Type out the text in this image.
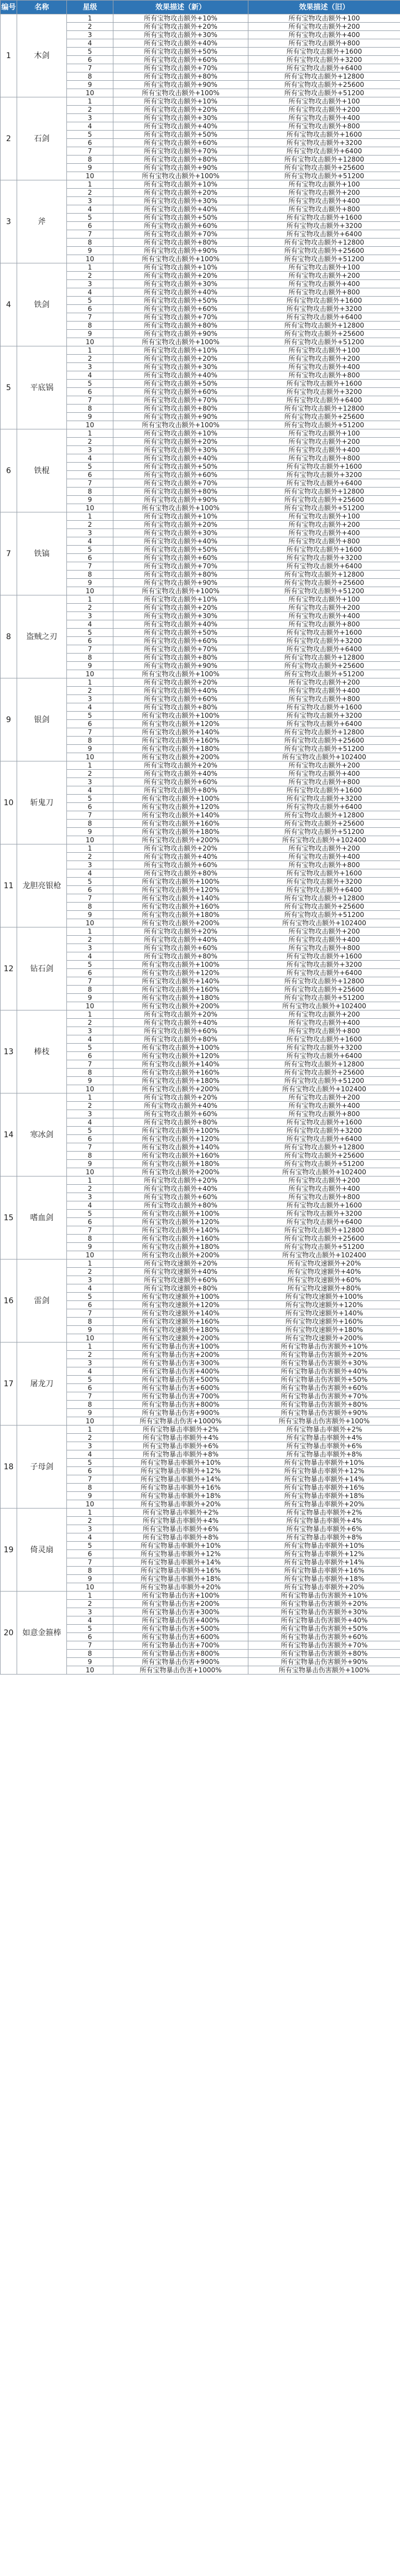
编号	名称	星级	效果描述（新）	效果描述（旧）
1	木剑	1	所有宝物攻击额外+10%	所有宝物攻击额外+100
		2	所有宝物攻击额外+20%	所有宝物攻击额外+200
		3	所有宝物攻击额外+30%	所有宝物攻击额外+400
		4	所有宝物攻击额外+40%	所有宝物攻击额外+800
		5	所有宝物攻击额外+50%	所有宝物攻击额外+1600
		6	所有宝物攻击额外+60%	所有宝物攻击额外+3200
		7	所有宝物攻击额外+70%	所有宝物攻击额外+6400
		8	所有宝物攻击额外+80%	所有宝物攻击额外+12800
		9	所有宝物攻击额外+90%	所有宝物攻击额外+25600
		10	所有宝物攻击额外+100%	所有宝物攻击额外+51200
2	石剑	1	所有宝物攻击额外+10%	所有宝物攻击额外+100
		2	所有宝物攻击额外+20%	所有宝物攻击额外+200
		3	所有宝物攻击额外+30%	所有宝物攻击额外+400
		4	所有宝物攻击额外+40%	所有宝物攻击额外+800
		5	所有宝物攻击额外+50%	所有宝物攻击额外+1600
		6	所有宝物攻击额外+60%	所有宝物攻击额外+3200
		7	所有宝物攻击额外+70%	所有宝物攻击额外+6400
		8	所有宝物攻击额外+80%	所有宝物攻击额外+12800
		9	所有宝物攻击额外+90%	所有宝物攻击额外+25600
		10	所有宝物攻击额外+100%	所有宝物攻击额外+51200
3	斧	1	所有宝物攻击额外+10%	所有宝物攻击额外+100
		2	所有宝物攻击额外+20%	所有宝物攻击额外+200
		3	所有宝物攻击额外+30%	所有宝物攻击额外+400
		4	所有宝物攻击额外+40%	所有宝物攻击额外+800
		5	所有宝物攻击额外+50%	所有宝物攻击额外+1600
		6	所有宝物攻击额外+60%	所有宝物攻击额外+3200
		7	所有宝物攻击额外+70%	所有宝物攻击额外+6400
		8	所有宝物攻击额外+80%	所有宝物攻击额外+12800
		9	所有宝物攻击额外+90%	所有宝物攻击额外+25600
		10	所有宝物攻击额外+100%	所有宝物攻击额外+51200
4	铁剑	1	所有宝物攻击额外+10%	所有宝物攻击额外+100
		2	所有宝物攻击额外+20%	所有宝物攻击额外+200
		3	所有宝物攻击额外+30%	所有宝物攻击额外+400
		4	所有宝物攻击额外+40%	所有宝物攻击额外+800
		5	所有宝物攻击额外+50%	所有宝物攻击额外+1600
		6	所有宝物攻击额外+60%	所有宝物攻击额外+3200
		7	所有宝物攻击额外+70%	所有宝物攻击额外+6400
		8	所有宝物攻击额外+80%	所有宝物攻击额外+12800
		9	所有宝物攻击额外+90%	所有宝物攻击额外+25600
		10	所有宝物攻击额外+100%	所有宝物攻击额外+51200
5	平底锅	1	所有宝物攻击额外+10%	所有宝物攻击额外+100
		2	所有宝物攻击额外+20%	所有宝物攻击额外+200
		3	所有宝物攻击额外+30%	所有宝物攻击额外+400
		4	所有宝物攻击额外+40%	所有宝物攻击额外+800
		5	所有宝物攻击额外+50%	所有宝物攻击额外+1600
		6	所有宝物攻击额外+60%	所有宝物攻击额外+3200
		7	所有宝物攻击额外+70%	所有宝物攻击额外+6400
		8	所有宝物攻击额外+80%	所有宝物攻击额外+12800
		9	所有宝物攻击额外+90%	所有宝物攻击额外+25600
		10	所有宝物攻击额外+100%	所有宝物攻击额外+51200
6	铁棍	1	所有宝物攻击额外+10%	所有宝物攻击额外+100
		2	所有宝物攻击额外+20%	所有宝物攻击额外+200
		3	所有宝物攻击额外+30%	所有宝物攻击额外+400
		4	所有宝物攻击额外+40%	所有宝物攻击额外+800
		5	所有宝物攻击额外+50%	所有宝物攻击额外+1600
		6	所有宝物攻击额外+60%	所有宝物攻击额外+3200
		7	所有宝物攻击额外+70%	所有宝物攻击额外+6400
		8	所有宝物攻击额外+80%	所有宝物攻击额外+12800
		9	所有宝物攻击额外+90%	所有宝物攻击额外+25600
		10	所有宝物攻击额外+100%	所有宝物攻击额外+51200
7	铁镐	1	所有宝物攻击额外+10%	所有宝物攻击额外+100
		2	所有宝物攻击额外+20%	所有宝物攻击额外+200
		3	所有宝物攻击额外+30%	所有宝物攻击额外+400
		4	所有宝物攻击额外+40%	所有宝物攻击额外+800
		5	所有宝物攻击额外+50%	所有宝物攻击额外+1600
		6	所有宝物攻击额外+60%	所有宝物攻击额外+3200
		7	所有宝物攻击额外+70%	所有宝物攻击额外+6400
		8	所有宝物攻击额外+80%	所有宝物攻击额外+12800
		9	所有宝物攻击额外+90%	所有宝物攻击额外+25600
		10	所有宝物攻击额外+100%	所有宝物攻击额外+51200
8	盗贼之刃	1	所有宝物攻击额外+10%	所有宝物攻击额外+100
		2	所有宝物攻击额外+20%	所有宝物攻击额外+200
		3	所有宝物攻击额外+30%	所有宝物攻击额外+400
		4	所有宝物攻击额外+40%	所有宝物攻击额外+800
		5	所有宝物攻击额外+50%	所有宝物攻击额外+1600
		6	所有宝物攻击额外+60%	所有宝物攻击额外+3200
		7	所有宝物攻击额外+70%	所有宝物攻击额外+6400
		8	所有宝物攻击额外+80%	所有宝物攻击额外+12800
		9	所有宝物攻击额外+90%	所有宝物攻击额外+25600
		10	所有宝物攻击额外+100%	所有宝物攻击额外+51200
9	银剑	1	所有宝物攻击额外+20%	所有宝物攻击额外+200
		2	所有宝物攻击额外+40%	所有宝物攻击额外+400
		3	所有宝物攻击额外+60%	所有宝物攻击额外+800
		4	所有宝物攻击额外+80%	所有宝物攻击额外+1600
		5	所有宝物攻击额外+100%	所有宝物攻击额外+3200
		6	所有宝物攻击额外+120%	所有宝物攻击额外+6400
		7	所有宝物攻击额外+140%	所有宝物攻击额外+12800
		8	所有宝物攻击额外+160%	所有宝物攻击额外+25600
		9	所有宝物攻击额外+180%	所有宝物攻击额外+51200
		10	所有宝物攻击额外+200%	所有宝物攻击额外+102400
10	斩鬼刀	1	所有宝物攻击额外+20%	所有宝物攻击额外+200
		2	所有宝物攻击额外+40%	所有宝物攻击额外+400
		3	所有宝物攻击额外+60%	所有宝物攻击额外+800
		4	所有宝物攻击额外+80%	所有宝物攻击额外+1600
		5	所有宝物攻击额外+100%	所有宝物攻击额外+3200
		6	所有宝物攻击额外+120%	所有宝物攻击额外+6400
		7	所有宝物攻击额外+140%	所有宝物攻击额外+12800
		8	所有宝物攻击额外+160%	所有宝物攻击额外+25600
		9	所有宝物攻击额外+180%	所有宝物攻击额外+51200
		10	所有宝物攻击额外+200%	所有宝物攻击额外+102400
11	龙胆亮银枪	1	所有宝物攻击额外+20%	所有宝物攻击额外+200
		2	所有宝物攻击额外+40%	所有宝物攻击额外+400
		3	所有宝物攻击额外+60%	所有宝物攻击额外+800
		4	所有宝物攻击额外+80%	所有宝物攻击额外+1600
		5	所有宝物攻击额外+100%	所有宝物攻击额外+3200
		6	所有宝物攻击额外+120%	所有宝物攻击额外+6400
		7	所有宝物攻击额外+140%	所有宝物攻击额外+12800
		8	所有宝物攻击额外+160%	所有宝物攻击额外+25600
		9	所有宝物攻击额外+180%	所有宝物攻击额外+51200
		10	所有宝物攻击额外+200%	所有宝物攻击额外+102400
12	钻石剑	1	所有宝物攻击额外+20%	所有宝物攻击额外+200
		2	所有宝物攻击额外+40%	所有宝物攻击额外+400
		3	所有宝物攻击额外+60%	所有宝物攻击额外+800
		4	所有宝物攻击额外+80%	所有宝物攻击额外+1600
		5	所有宝物攻击额外+100%	所有宝物攻击额外+3200
		6	所有宝物攻击额外+120%	所有宝物攻击额外+6400
		7	所有宝物攻击额外+140%	所有宝物攻击额外+12800
		8	所有宝物攻击额外+160%	所有宝物攻击额外+25600
		9	所有宝物攻击额外+180%	所有宝物攻击额外+51200
		10	所有宝物攻击额外+200%	所有宝物攻击额外+102400
13	棒枝	1	所有宝物攻击额外+20%	所有宝物攻击额外+200
		2	所有宝物攻击额外+40%	所有宝物攻击额外+400
		3	所有宝物攻击额外+60%	所有宝物攻击额外+800
		4	所有宝物攻击额外+80%	所有宝物攻击额外+1600
		5	所有宝物攻击额外+100%	所有宝物攻击额外+3200
		6	所有宝物攻击额外+120%	所有宝物攻击额外+6400
		7	所有宝物攻击额外+140%	所有宝物攻击额外+12800
		8	所有宝物攻击额外+160%	所有宝物攻击额外+25600
		9	所有宝物攻击额外+180%	所有宝物攻击额外+51200
		10	所有宝物攻击额外+200%	所有宝物攻击额外+102400
14	寒冰剑	1	所有宝物攻击额外+20%	所有宝物攻击额外+200
		2	所有宝物攻击额外+40%	所有宝物攻击额外+400
		3	所有宝物攻击额外+60%	所有宝物攻击额外+800
		4	所有宝物攻击额外+80%	所有宝物攻击额外+1600
		5	所有宝物攻击额外+100%	所有宝物攻击额外+3200
		6	所有宝物攻击额外+120%	所有宝物攻击额外+6400
		7	所有宝物攻击额外+140%	所有宝物攻击额外+12800
		8	所有宝物攻击额外+160%	所有宝物攻击额外+25600
		9	所有宝物攻击额外+180%	所有宝物攻击额外+51200
		10	所有宝物攻击额外+200%	所有宝物攻击额外+102400
15	嗜血剑	1	所有宝物攻击额外+20%	所有宝物攻击额外+200
		2	所有宝物攻击额外+40%	所有宝物攻击额外+400
		3	所有宝物攻击额外+60%	所有宝物攻击额外+800
		4	所有宝物攻击额外+80%	所有宝物攻击额外+1600
		5	所有宝物攻击额外+100%	所有宝物攻击额外+3200
		6	所有宝物攻击额外+120%	所有宝物攻击额外+6400
		7	所有宝物攻击额外+140%	所有宝物攻击额外+12800
		8	所有宝物攻击额外+160%	所有宝物攻击额外+25600
		9	所有宝物攻击额外+180%	所有宝物攻击额外+51200
		10	所有宝物攻击额外+200%	所有宝物攻击额外+102400
16	雷剑	1	所有宝物攻速额外+20%	所有宝物攻速额外+20%
		2	所有宝物攻速额外+40%	所有宝物攻速额外+40%
		3	所有宝物攻速额外+60%	所有宝物攻速额外+60%
		4	所有宝物攻速额外+80%	所有宝物攻速额外+80%
		5	所有宝物攻速额外+100%	所有宝物攻速额外+100%
		6	所有宝物攻速额外+120%	所有宝物攻速额外+120%
		7	所有宝物攻速额外+140%	所有宝物攻速额外+140%
		8	所有宝物攻速额外+160%	所有宝物攻速额外+160%
		9	所有宝物攻速额外+180%	所有宝物攻速额外+180%
		10	所有宝物攻速额外+200%	所有宝物攻速额外+200%
17	屠龙刀	1	所有宝物暴击伤害+100%	所有宝物暴击伤害额外+10%
		2	所有宝物暴击伤害+200%	所有宝物暴击伤害额外+20%
		3	所有宝物暴击伤害+300%	所有宝物暴击伤害额外+30%
		4	所有宝物暴击伤害+400%	所有宝物暴击伤害额外+40%
		5	所有宝物暴击伤害+500%	所有宝物暴击伤害额外+50%
		6	所有宝物暴击伤害+600%	所有宝物暴击伤害额外+60%
		7	所有宝物暴击伤害+700%	所有宝物暴击伤害额外+70%
		8	所有宝物暴击伤害+800%	所有宝物暴击伤害额外+80%
		9	所有宝物暴击伤害+900%	所有宝物暴击伤害额外+90%
		10	所有宝物暴击伤害+1000%	所有宝物暴击伤害额外+100%
18	子母剑	1	所有宝物暴击率额外+2%	所有宝物暴击率额外+2%
		2	所有宝物暴击率额外+4%	所有宝物暴击率额外+4%
		3	所有宝物暴击率额外+6%	所有宝物暴击率额外+6%
		4	所有宝物暴击率额外+8%	所有宝物暴击率额外+8%
		5	所有宝物暴击率额外+10%	所有宝物暴击率额外+10%
		6	所有宝物暴击率额外+12%	所有宝物暴击率额外+12%
		7	所有宝物暴击率额外+14%	所有宝物暴击率额外+14%
		8	所有宝物暴击率额外+16%	所有宝物暴击率额外+16%
		9	所有宝物暴击率额外+18%	所有宝物暴击率额外+18%
		10	所有宝物暴击率额外+20%	所有宝物暴击率额外+20%
19	倚灵扇	1	所有宝物暴击率额外+2%	所有宝物暴击率额外+2%
		2	所有宝物暴击率额外+4%	所有宝物暴击率额外+4%
		3	所有宝物暴击率额外+6%	所有宝物暴击率额外+6%
		4	所有宝物暴击率额外+8%	所有宝物暴击率额外+8%
		5	所有宝物暴击率额外+10%	所有宝物暴击率额外+10%
		6	所有宝物暴击率额外+12%	所有宝物暴击率额外+12%
		7	所有宝物暴击率额外+14%	所有宝物暴击率额外+14%
		8	所有宝物暴击率额外+16%	所有宝物暴击率额外+16%
		9	所有宝物暴击率额外+18%	所有宝物暴击率额外+18%
		10	所有宝物暴击率额外+20%	所有宝物暴击率额外+20%
20	如意金箍棒	1	所有宝物暴击伤害+100%	所有宝物暴击伤害额外+10%
		2	所有宝物暴击伤害+200%	所有宝物暴击伤害额外+20%
		3	所有宝物暴击伤害+300%	所有宝物暴击伤害额外+30%
		4	所有宝物暴击伤害+400%	所有宝物暴击伤害额外+40%
		5	所有宝物暴击伤害+500%	所有宝物暴击伤害额外+50%
		6	所有宝物暴击伤害+600%	所有宝物暴击伤害额外+60%
		7	所有宝物暴击伤害+700%	所有宝物暴击伤害额外+70%
		8	所有宝物暴击伤害+800%	所有宝物暴击伤害额外+80%
		9	所有宝物暴击伤害+900%	所有宝物暴击伤害额外+90%
		10	所有宝物暴击伤害+1000%	所有宝物暴击伤害额外+100%
